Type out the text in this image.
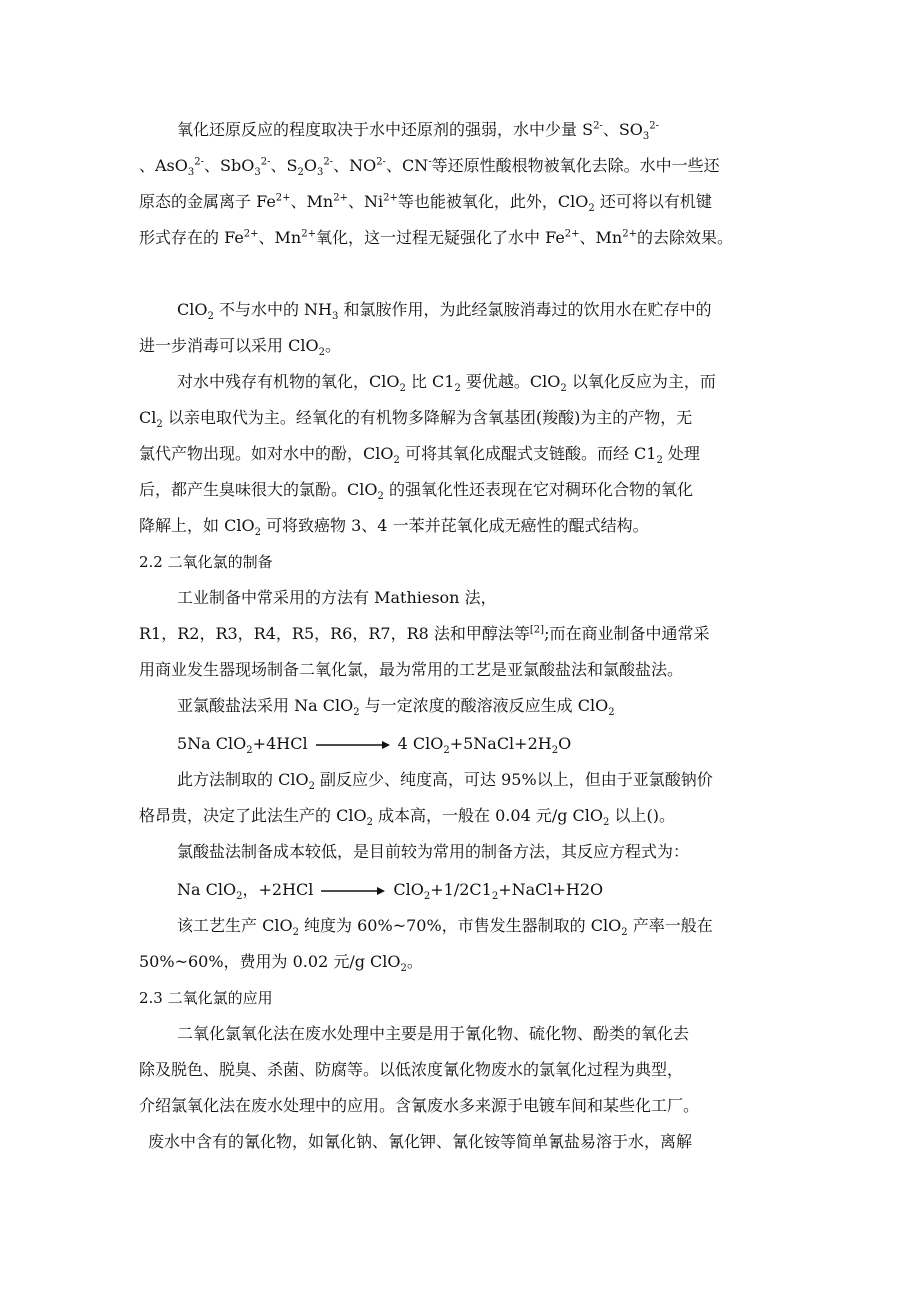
氧化还原反应的程度取决于水中还原剂的强弱，水中少量 $S^{2-}$、$SO_3^{2-}$
、AsO$_3^{2-}$、SbO$_3^{2-}$、$S_2O_3^{2-}$、$NO^{2-}$、CN-等还原性酸根物被氧化去除。水中一些还
原态的金属离子 $Fe^{2+}$、$Mn^{2+}$、$Ni^{2+}$等也能被氧化，此外，ClO$_2$ 还可将以有机键
形式存在的 $Fe^{2+}$、$Mn^{2+}$氧化，这一过程无疑强化了水中 $Fe^{2+}$、$Mn^{2+}$的去除效果。
ClO$_2$ 不与水中的 $NH_3$ 和氯胺作用，为此经氯胺消毒过的饮用水在贮存中的
进一步消毒可以采用 ClO$_2$。
对水中残存有机物的氧化，ClO$_2$ 比 $C1_2$ 要优越。ClO$_2$ 以氧化反应为主，而
$Cl_2$ 以亲电取代为主。经氧化的有机物多降解为含氧基团(羧酸)为主的产物，无
氯代产物出现。如对水中的酚，ClO$_2$ 可将其氧化成醌式支链酸。而经 $C1_2$ 处理
后，都产生臭味很大的氯酚。ClO$_2$ 的强氧化性还表现在它对稠环化合物的氧化
降解上，如 ClO$_2$ 可将致癌物 3、4 一苯并芘氧化成无癌性的醌式结构。
2.2 二氧化氯的制备
工业制备中常采用的方法有 Mathieson 法，
R1，R2，R3，R4，R5，R6，R7，R8 法和甲醇法等[2];而在商业制备中通常采
用商业发生器现场制备二氧化氯，最为常用的工艺是亚氯酸盐法和氯酸盐法。
亚氯酸盐法采用 Na ClO$_2$ 与一定浓度的酸溶液反应生成 ClO$_2$
5Na ClO$_2$+4HCl	4 $ClO_2+5NaCl+2H_2O$
此方法制取的 ClO$_2$ 副反应少、纯度高，可达 95%以上，但由于亚氯酸钠价
格昂贵，决定了此法生产的 ClO$_2$ 成本高，一般在 0.04 元/g ClO$_2$ 以上()。
氯酸盐法制备成本较低，是目前较为常用的制备方法，其反应方程式为：
Na ClO$_2$，$+2HCl \to ClO_2+1/2C1_2+NaCl+H2O$
该工艺生产 ClO$_2$ 纯度为 60%~70%，市售发生器制取的 ClO$_2$ 产率一般在
50%~60%，费用为 0.02 元/g ClO$_2$。
2.3 二氧化氯的应用
二氧化氯氧化法在废水处理中主要是用于氰化物、硫化物、酚类的氧化去
除及脱色、脱臭、杀菌、防腐等。以低浓度氰化物废水的氯氧化过程为典型，
介绍氯氧化法在废水处理中的应用。含氰废水多来源于电镀车间和某些化工厂。
废水中含有的氰化物，如氰化钠、氰化钾、氰化铵等简单氰盐易溶于水，离解
